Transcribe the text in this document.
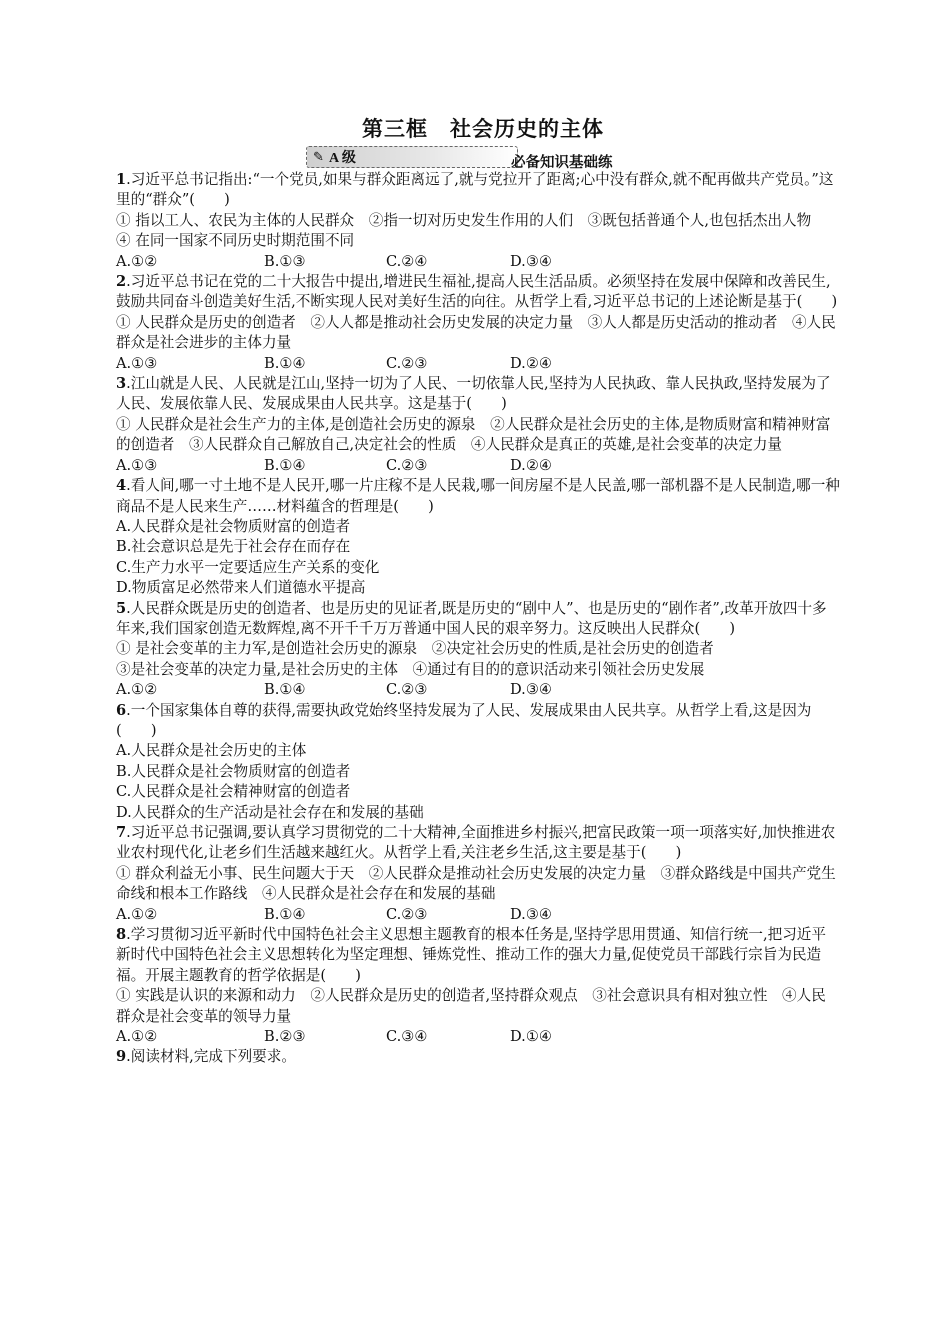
第三框　社会历史的主体
✎ A 级	必备知识基础练

1.习近平总书记指出:“一个党员,如果与群众距离远了,就与党拉开了距离;心中没有群众,就不配再做共产党员。”这里的“群众”(　　)

① 指以工人、农民为主体的人民群众　②指一切对历史发生作用的人们　③既包括普通个人,也包括杰出人物

④ 在同一国家不同历史时期范围不同

A.①②	B.①③	C.②④	D.③④

2.习近平总书记在党的二十大报告中提出,增进民生福祉,提高人民生活品质。必须坚持在发展中保障和改善民生,鼓励共同奋斗创造美好生活,不断实现人民对美好生活的向往。从哲学上看,习近平总书记的上述论断是基于(　　)

① 人民群众是历史的创造者　②人人都是推动社会历史发展的决定力量　③人人都是历史活动的推动者　④人民群众是社会进步的主体力量

A.①③	B.①④	C.②③	D.②④

3.江山就是人民、人民就是江山,坚持一切为了人民、一切依靠人民,坚持为人民执政、靠人民执政,坚持发展为了人民、发展依靠人民、发展成果由人民共享。这是基于(　　)

① 人民群众是社会生产力的主体,是创造社会历史的源泉　②人民群众是社会历史的主体,是物质财富和精神财富的创造者　③人民群众自己解放自己,决定社会的性质　④人民群众是真正的英雄,是社会变革的决定力量

A.①③	B.①④	C.②③	D.②④

4.看人间,哪一寸土地不是人民开,哪一片庄稼不是人民栽,哪一间房屋不是人民盖,哪一部机器不是人民制造,哪一种商品不是人民来生产……材料蕴含的哲理是(　　)

A.人民群众是社会物质财富的创造者

B.社会意识总是先于社会存在而存在

C.生产力水平一定要适应生产关系的变化

D.物质富足必然带来人们道德水平提高

5.人民群众既是历史的创造者、也是历史的见证者,既是历史的“剧中人”、也是历史的“剧作者”,改革开放四十多年来,我们国家创造无数辉煌,离不开千千万万普通中国人民的艰辛努力。这反映出人民群众(　　)

① 是社会变革的主力军,是创造社会历史的源泉　②决定社会历史的性质,是社会历史的创造者

③是社会变革的决定力量,是社会历史的主体　④通过有目的的意识活动来引领社会历史发展

A.①②	B.①④	C.②③	D.③④

6.一个国家集体自尊的获得,需要执政党始终坚持发展为了人民、发展成果由人民共享。从哲学上看,这是因为(　　)

A.人民群众是社会历史的主体

B.人民群众是社会物质财富的创造者

C.人民群众是社会精神财富的创造者

D.人民群众的生产活动是社会存在和发展的基础

7.习近平总书记强调,要认真学习贯彻党的二十大精神,全面推进乡村振兴,把富民政策一项一项落实好,加快推进农业农村现代化,让老乡们生活越来越红火。从哲学上看,关注老乡生活,这主要是基于(　　)

① 群众利益无小事、民生问题大于天　②人民群众是推动社会历史发展的决定力量　③群众路线是中国共产党生命线和根本工作路线　④人民群众是社会存在和发展的基础

A.①②	B.①④	C.②③	D.③④

8.学习贯彻习近平新时代中国特色社会主义思想主题教育的根本任务是,坚持学思用贯通、知信行统一,把习近平新时代中国特色社会主义思想转化为坚定理想、锤炼党性、推动工作的强大力量,促使党员干部践行宗旨为民造福。开展主题教育的哲学依据是(　　)

① 实践是认识的来源和动力　②人民群众是历史的创造者,坚持群众观点　③社会意识具有相对独立性　④人民群众是社会变革的领导力量

A.①②	B.②③	C.③④	D.①④

9.阅读材料,完成下列要求。
